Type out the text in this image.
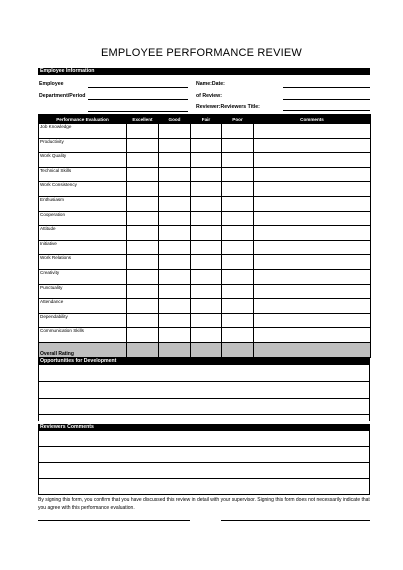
EMPLOYEE PERFORMANCE REVIEW
Employee Information
Employee	Name:Date:
Department/Period	of Review:
Reviewer:Reviewers Title:
Performance Evaluation	Excellent	Good	Fair	Poor	Comments
Job Knowledge					
Productivity					
Work Quality					
Technical Skills					
Work Consistency					
Enthusiasm					
Cooperation					
Attitude					
Initiative					
Work Relations					
Creativity					
Punctuality					
Attendance					
Dependability					
Communication Skills					
Overall Rating					
Opportunities for Development
Reviewers Comments
By signing this form, you confirm that you have discussed this review in detail with your supervisor. Signing this form does not necessarily indicate that you agree with this performance evaluation.
